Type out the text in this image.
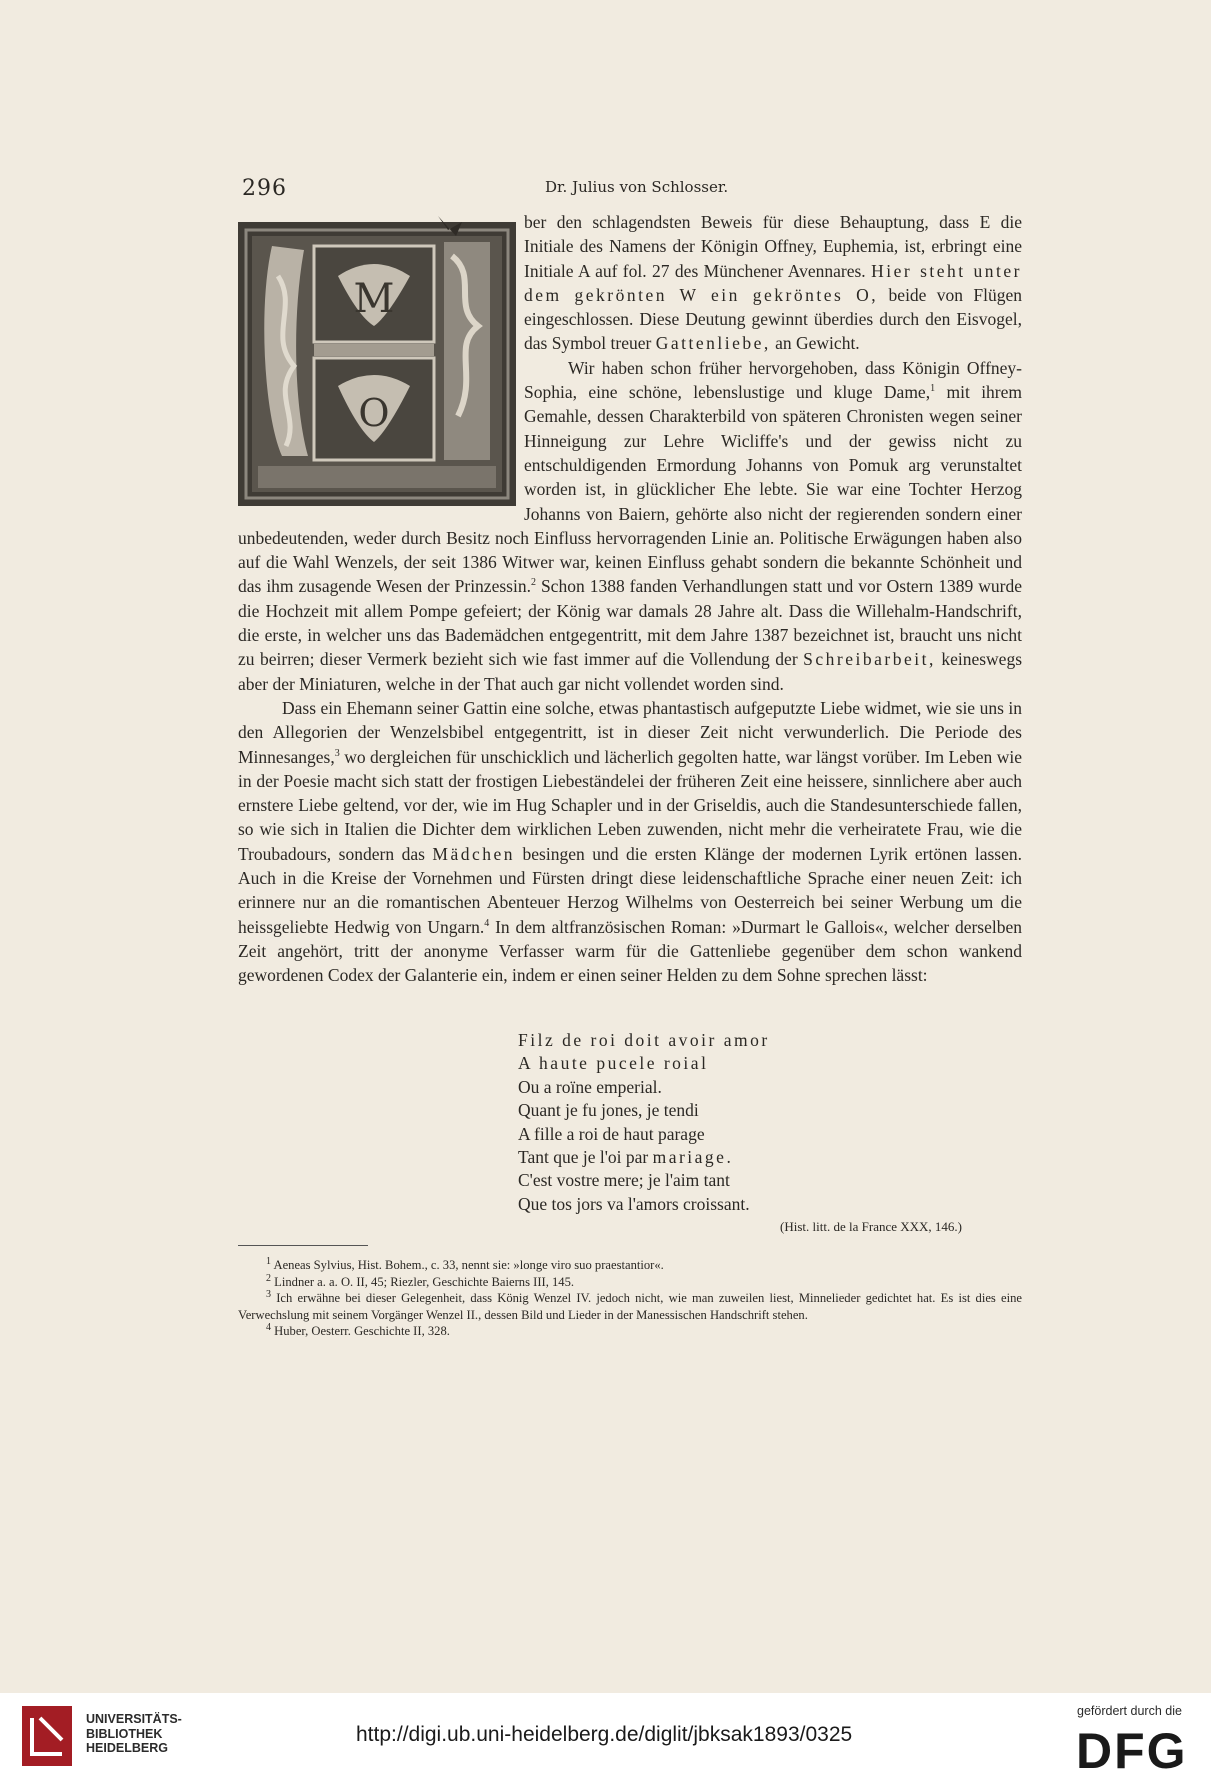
296	Dr. Julius von Schlosser.
M
O

ber den schlagendsten Beweis für diese Behauptung, dass E die Initiale des Namens der Königin Offney, Euphemia, ist, erbringt eine Initiale A auf fol. 27 des Münchener Avennares. Hier steht unter dem gekrönten W ein gekröntes O, beide von Flügen eingeschlossen. Diese Deutung gewinnt überdies durch den Eisvogel, das Symbol treuer Gattenliebe, an Gewicht.

Wir haben schon früher hervorgehoben, dass Königin Offney-Sophia, eine schöne, lebenslustige und kluge Dame,$^1$ mit ihrem Gemahle, dessen Charakterbild von späteren Chronisten wegen seiner Hinneigung zur Lehre Wicliffe's und der gewiss nicht zu entschuldigenden Ermordung Johanns von Pomuk arg verunstaltet worden ist, in glücklicher Ehe lebte. Sie war eine Tochter Herzog Johanns von Baiern, gehörte also nicht der regierenden sondern einer unbedeutenden, weder durch Besitz noch Einfluss hervorragenden Linie an. Politische Erwägungen haben also auf die Wahl Wenzels, der seit 1386 Witwer war, keinen Einfluss gehabt sondern die bekannte Schönheit und das ihm zusagende Wesen der Prinzessin.$^2$ Schon 1388 fanden Verhandlungen statt und vor Ostern 1389 wurde die Hochzeit mit allem Pompe gefeiert; der König war damals 28 Jahre alt. Dass die Willehalm-Handschrift, die erste, in welcher uns das Bademädchen entgegentritt, mit dem Jahre 1387 bezeichnet ist, braucht uns nicht zu beirren; dieser Vermerk bezieht sich wie fast immer auf die Vollendung der Schreibarbeit, keineswegs aber der Miniaturen, welche in der That auch gar nicht vollendet worden sind.

Dass ein Ehemann seiner Gattin eine solche, etwas phantastisch aufgeputzte Liebe widmet, wie sie uns in den Allegorien der Wenzelsbibel entgegentritt, ist in dieser Zeit nicht verwunderlich. Die Periode des Minnesanges,$^3$ wo dergleichen für unschicklich und lächerlich gegolten hatte, war längst vorüber. Im Leben wie in der Poesie macht sich statt der frostigen Liebeständelei der früheren Zeit eine heissere, sinnlichere aber auch ernstere Liebe geltend, vor der, wie im Hug Schapler und in der Griseldis, auch die Standesunterschiede fallen, so wie sich in Italien die Dichter dem wirklichen Leben zuwenden, nicht mehr die verheiratete Frau, wie die Troubadours, sondern das Mädchen besingen und die ersten Klänge der modernen Lyrik ertönen lassen. Auch in die Kreise der Vornehmen und Fürsten dringt diese leidenschaftliche Sprache einer neuen Zeit: ich erinnere nur an die romantischen Abenteuer Herzog Wilhelms von Oesterreich bei seiner Werbung um die heissgeliebte Hedwig von Ungarn.$^4$ In dem altfranzösischen Roman: »Durmart le Gallois«, welcher derselben Zeit angehört, tritt der anonyme Verfasser warm für die Gattenliebe gegenüber dem schon wankend gewordenen Codex der Galanterie ein, indem er einen seiner Helden zu dem Sohne sprechen lässt:

Filz de roi doit avoir amor
A haute pucele roial
Ou a roïne emperial.
Quant je fu jones, je tendi
A fille a roi de haut parage
Tant que je l'oi par mariage.
C'est vostre mere; je l'aim tant
Que tos jors va l'amors croissant.
(Hist. litt. de la France XXX, 146.)

$^1$ Aeneas Sylvius, Hist. Bohem., c. 33, nennt sie: »longe viro suo praestantior«.

$^2$ Lindner a. a. O. II, 45; Riezler, Geschichte Baierns III, 145.

$^3$ Ich erwähne bei dieser Gelegenheit, dass König Wenzel IV. jedoch nicht, wie man zuweilen liest, Minnelieder gedichtet hat. Es ist dies eine Verwechslung mit seinem Vorgänger Wenzel II., dessen Bild und Lieder in der Manessischen Handschrift stehen.

$^4$ Huber, Oesterr. Geschichte II, 328.

UNIVERSITÄTS-
BIBLIOTHEK
HEIDELBERG
http://digi.ub.uni-heidelberg.de/diglit/jbksak1893/0325
gefördert durch die
DFG
